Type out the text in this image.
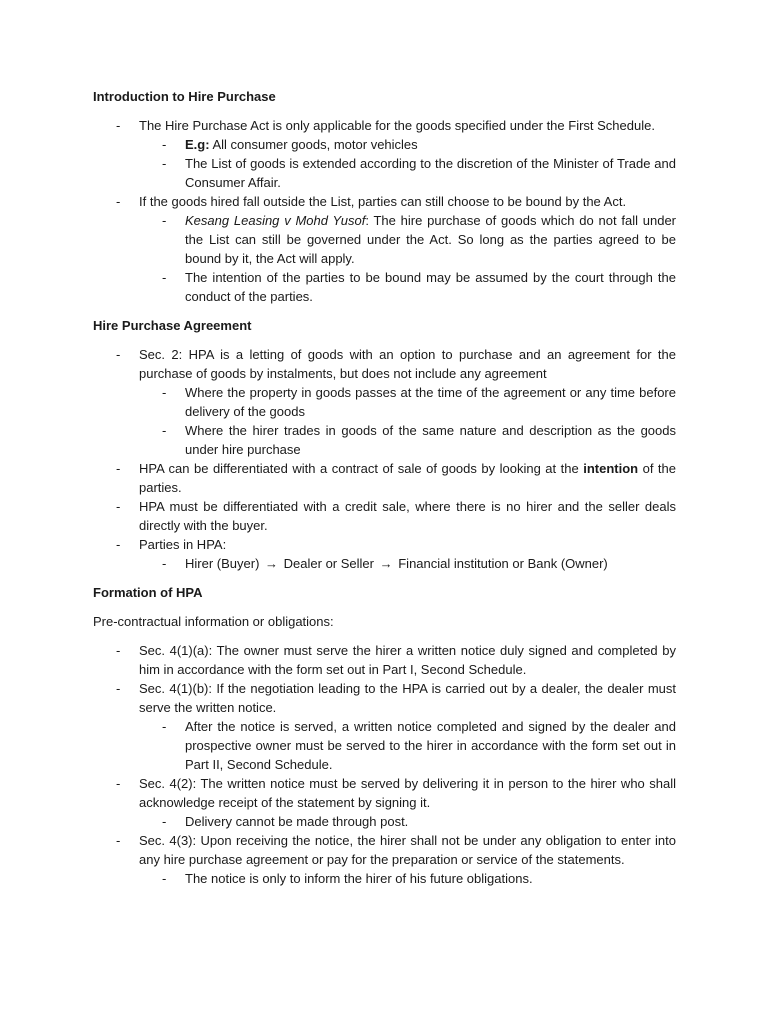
Introduction to Hire Purchase
- The Hire Purchase Act is only applicable for the goods specified under the First Schedule.
- E.g: All consumer goods, motor vehicles
- The List of goods is extended according to the discretion of the Minister of Trade and Consumer Affair.
- If the goods hired fall outside the List, parties can still choose to be bound by the Act.
- Kesang Leasing v Mohd Yusof: The hire purchase of goods which do not fall under the List can still be governed under the Act. So long as the parties agreed to be bound by it, the Act will apply.
- The intention of the parties to be bound may be assumed by the court through the conduct of the parties.
Hire Purchase Agreement
- Sec. 2: HPA is a letting of goods with an option to purchase and an agreement for the purchase of goods by instalments, but does not include any agreement
- Where the property in goods passes at the time of the agreement or any time before delivery of the goods
- Where the hirer trades in goods of the same nature and description as the goods under hire purchase
- HPA can be differentiated with a contract of sale of goods by looking at the intention of the parties.
- HPA must be differentiated with a credit sale, where there is no hirer and the seller deals directly with the buyer.
- Parties in HPA:
- Hirer (Buyer) → Dealer or Seller → Financial institution or Bank (Owner)
Formation of HPA
Pre-contractual information or obligations:
- Sec. 4(1)(a): The owner must serve the hirer a written notice duly signed and completed by him in accordance with the form set out in Part I, Second Schedule.
- Sec. 4(1)(b): If the negotiation leading to the HPA is carried out by a dealer, the dealer must serve the written notice.
- After the notice is served, a written notice completed and signed by the dealer and prospective owner must be served to the hirer in accordance with the form set out in Part II, Second Schedule.
- Sec. 4(2): The written notice must be served by delivering it in person to the hirer who shall acknowledge receipt of the statement by signing it.
- Delivery cannot be made through post.
- Sec. 4(3): Upon receiving the notice, the hirer shall not be under any obligation to enter into any hire purchase agreement or pay for the preparation or service of the statements.
- The notice is only to inform the hirer of his future obligations.
